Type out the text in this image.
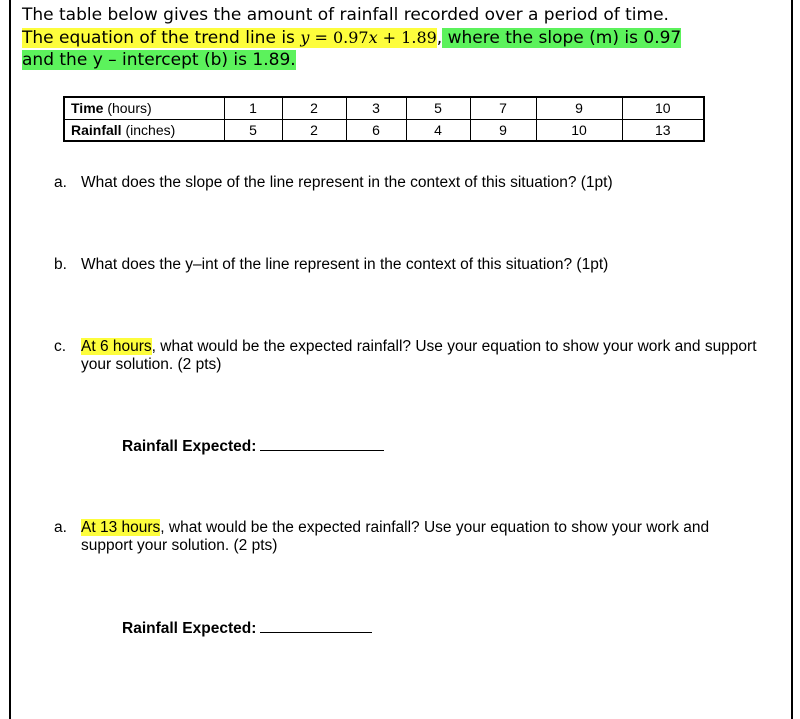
The table below gives the amount of rainfall recorded over a period of time.
The equation of the trend line is y = 0.97x + 1.89, where the slope (m) is 0.97
and the y – intercept (b) is 1.89.
Time (hours)	1	2	3	5	7	9	10
Rainfall (inches)	5	2	6	4	9	10	13
a. What does the slope of the line represent in the context of this situation? (1pt)
b. What does the y–int of the line represent in the context of this situation? (1pt)
c. At 6 hours, what would be the expected rainfall? Use your equation to show your work and support your solution. (2 pts)
Rainfall Expected:
a. At 13 hours, what would be the expected rainfall? Use your equation to show your work and support your solution. (2 pts)
Rainfall Expected:
